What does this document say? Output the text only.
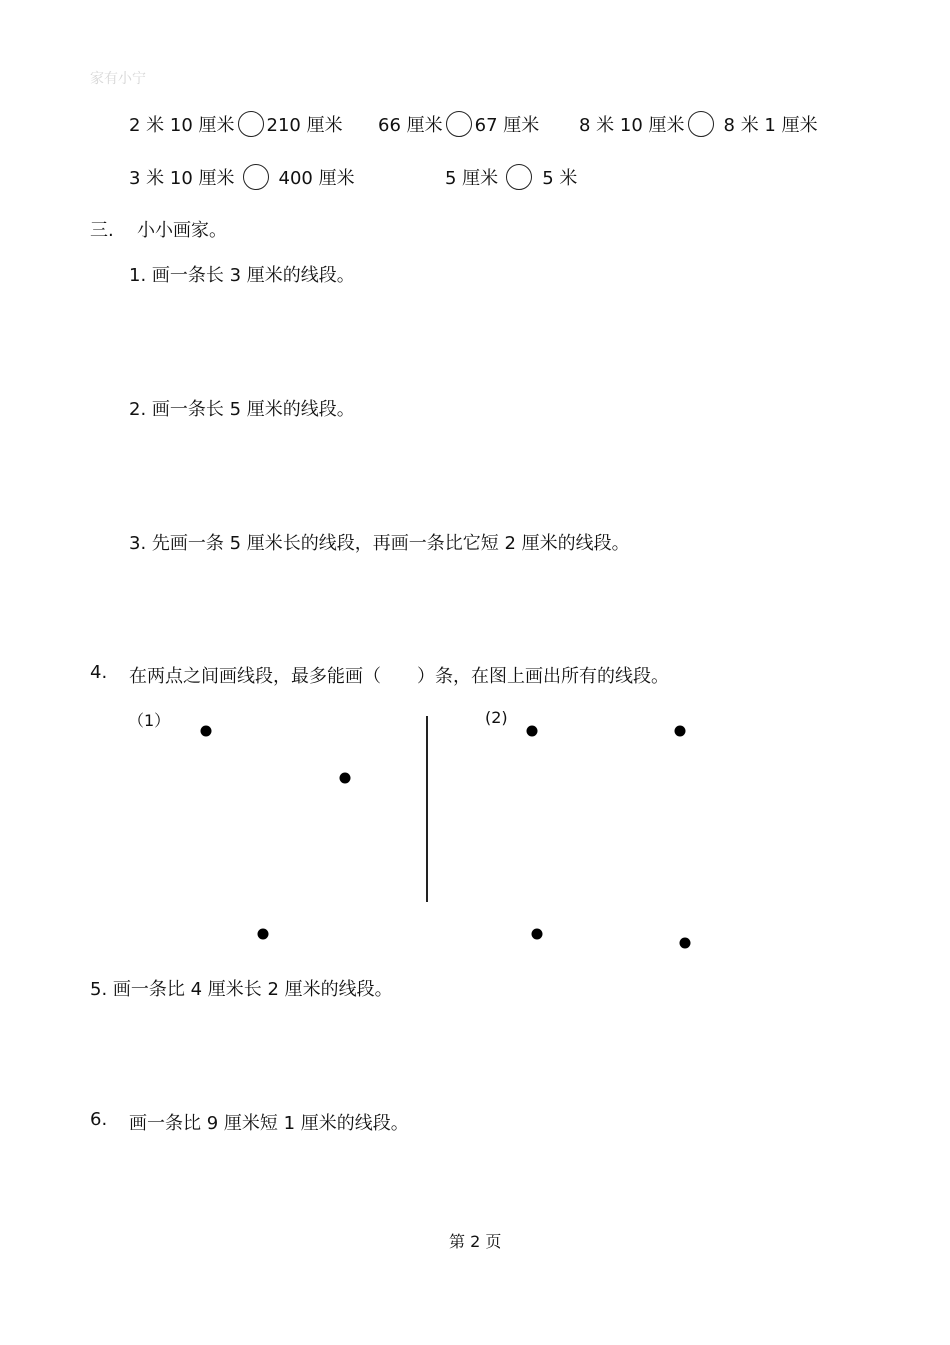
家有小宁
2 米 10 厘米 210 厘米 66 厘米 67 厘米 8 米 10 厘米 8 米 1 厘米
3 米 10 厘米 400 厘米	5 厘米 5 米
三. 小小画家。
1. 画一条长 3 厘米的线段。
2. 画一条长 5 厘米的线段。
3. 先画一条 5 厘米长的线段，再画一条比它短 2 厘米的线段。
4. 在两点之间画线段，最多能画（ ）条，在图上画出所有的线段。
（1）	(2)
5. 画一条比 4 厘米长 2 厘米的线段。
6. 画一条比 9 厘米短 1 厘米的线段。
第 2 页
